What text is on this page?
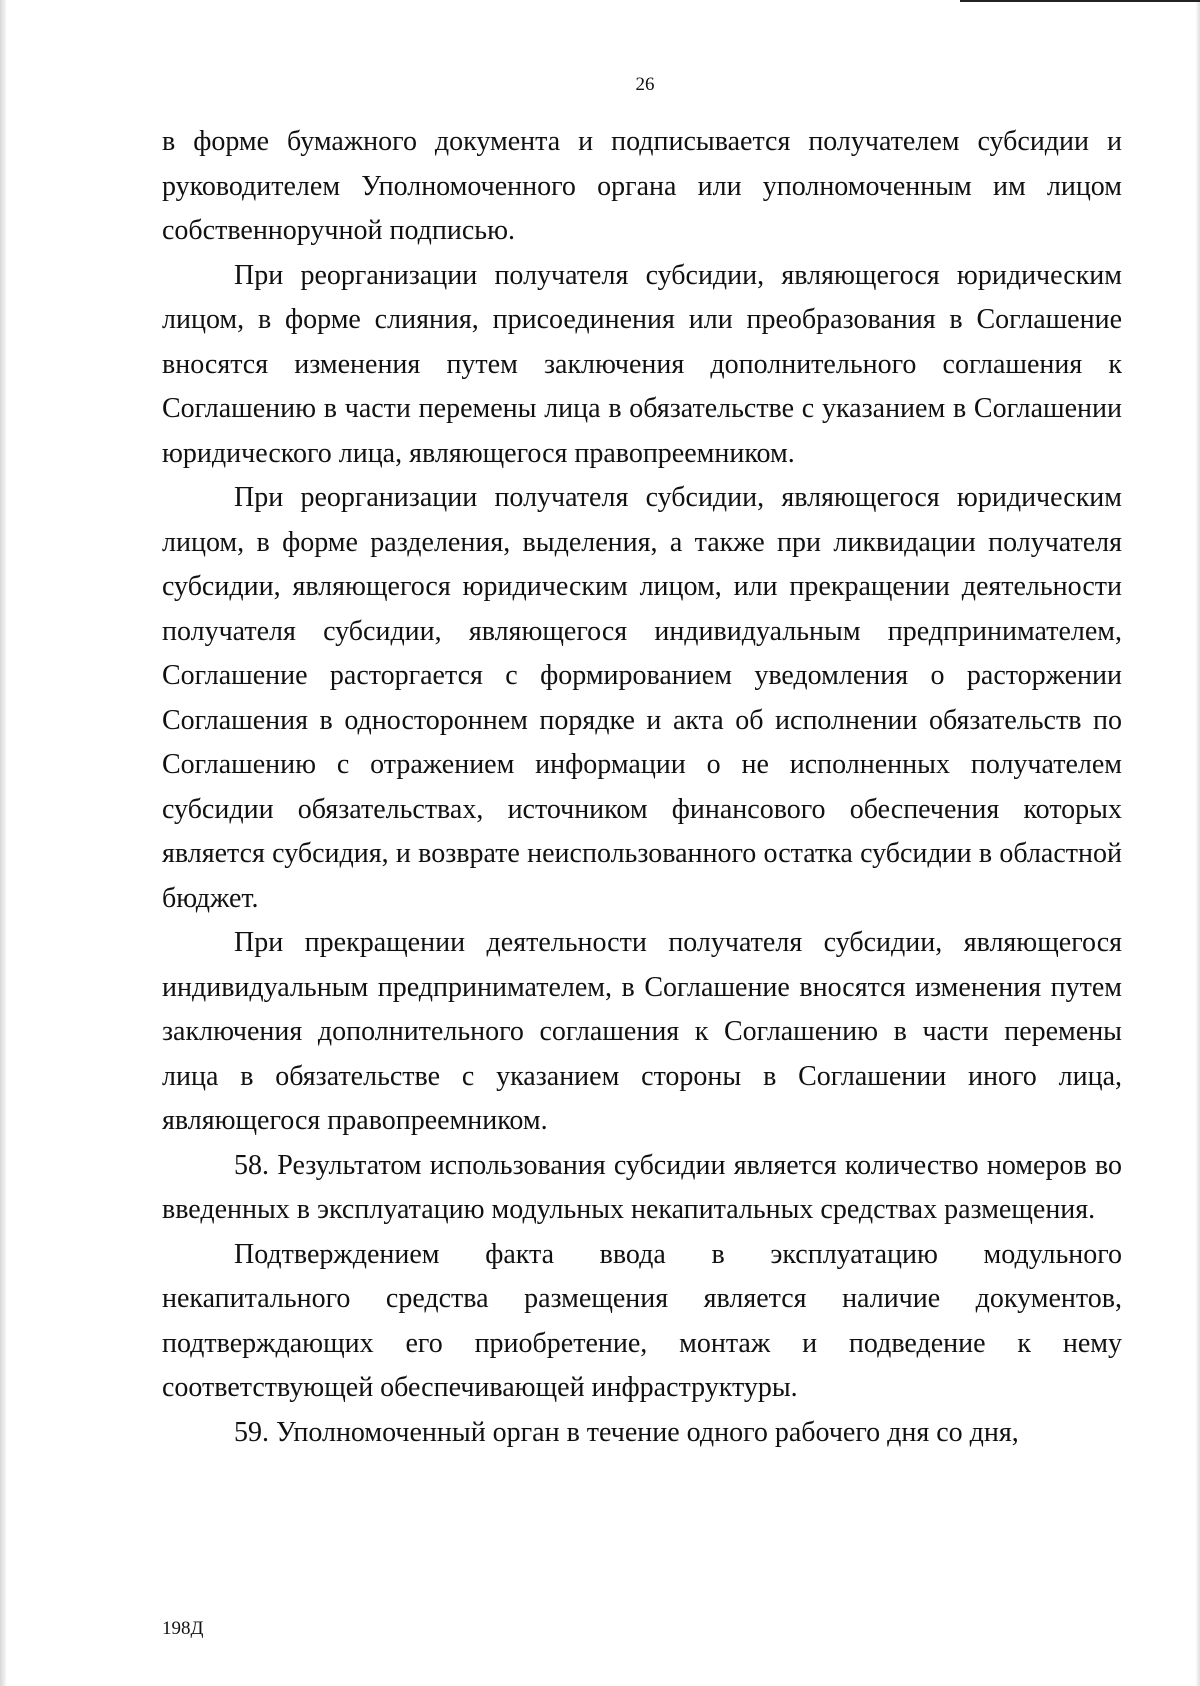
26

в форме бумажного документа и подписывается получателем субсидии и руководителем Уполномоченного органа или уполномоченным им лицом собственноручной подписью.

При реорганизации получателя субсидии, являющегося юридическим лицом, в форме слияния, присоединения или преобразования в Соглашение вносятся изменения путем заключения дополнительного соглашения к Соглашению в части перемены лица в обязательстве с указанием в Соглашении юридического лица, являющегося правопреемником.

При реорганизации получателя субсидии, являющегося юридическим лицом, в форме разделения, выделения, а также при ликвидации получателя субсидии, являющегося юридическим лицом, или прекращении деятельности получателя субсидии, являющегося индивидуальным предпринимателем, Соглашение расторгается с формированием уведомления о расторжении Соглашения в одностороннем порядке и акта об исполнении обязательств по Соглашению с отражением информации о не исполненных получателем субсидии обязательствах, источником финансового обеспечения которых является субсидия, и возврате неиспользованного остатка субсидии в областной бюджет.

При прекращении деятельности получателя субсидии, являющегося индивидуальным предпринимателем, в Соглашение вносятся изменения путем заключения дополнительного соглашения к Соглашению в части перемены лица в обязательстве с указанием стороны в Соглашении иного лица, являющегося правопреемником.

58. Результатом использования субсидии является количество номеров во введенных в эксплуатацию модульных некапитальных средствах размещения.

Подтверждением факта ввода в эксплуатацию модульного некапитального средства размещения является наличие документов, подтверждающих его приобретение, монтаж и подведение к нему соответствующей обеспечивающей инфраструктуры.

59. Уполномоченный орган в течение одного рабочего дня со дня,

198Д
